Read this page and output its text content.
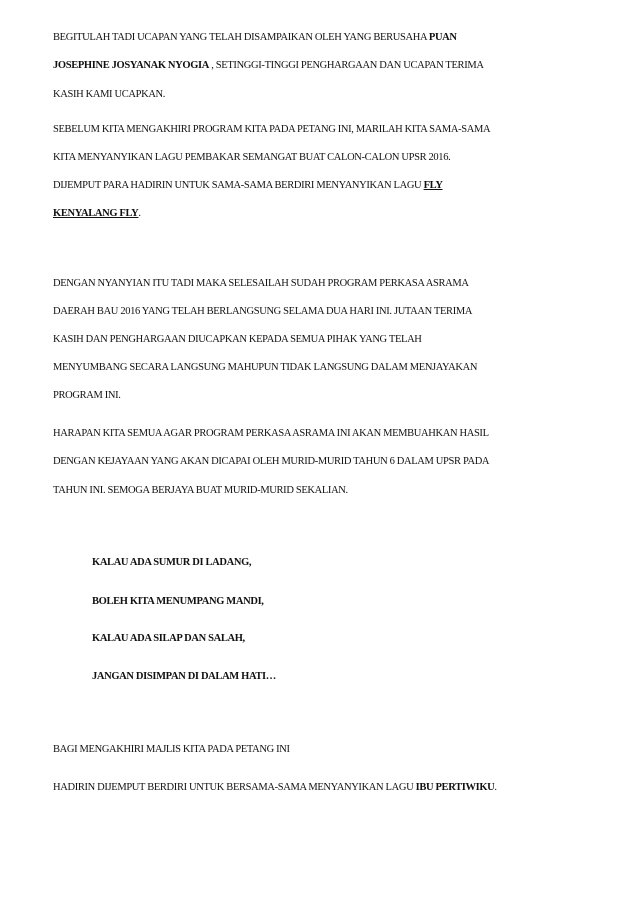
BEGITULAH TADI UCAPAN YANG TELAH DISAMPAIKAN OLEH YANG BERUSAHA PUAN
JOSEPHINE JOSYANAK NYOGIA , SETINGGI-TINGGI PENGHARGAAN DAN UCAPAN TERIMA
KASIH KAMI UCAPKAN.
SEBELUM KITA MENGAKHIRI PROGRAM KITA PADA PETANG INI, MARILAH KITA SAMA-SAMA
KITA MENYANYIKAN LAGU PEMBAKAR SEMANGAT BUAT CALON-CALON UPSR 2016.
DIJEMPUT PARA HADIRIN UNTUK SAMA-SAMA BERDIRI MENYANYIKAN LAGU FLY
KENYALANG FLY.
DENGAN NYANYIAN ITU TADI MAKA SELESAILAH SUDAH PROGRAM PERKASA ASRAMA
DAERAH BAU 2016 YANG TELAH BERLANGSUNG SELAMA DUA HARI INI. JUTAAN TERIMA
KASIH DAN PENGHARGAAN DIUCAPKAN KEPADA SEMUA PIHAK YANG TELAH
MENYUMBANG SECARA LANGSUNG MAHUPUN TIDAK LANGSUNG DALAM MENJAYAKAN
PROGRAM INI.
HARAPAN KITA SEMUA AGAR PROGRAM PERKASA ASRAMA INI AKAN MEMBUAHKAN HASIL
DENGAN KEJAYAAN YANG AKAN DICAPAI OLEH MURID-MURID TAHUN 6 DALAM UPSR PADA
TAHUN INI. SEMOGA BERJAYA BUAT MURID-MURID SEKALIAN.
KALAU ADA SUMUR DI LADANG,
BOLEH KITA MENUMPANG MANDI,
KALAU ADA SILAP DAN SALAH,
JANGAN DISIMPAN DI DALAM HATI…
BAGI MENGAKHIRI MAJLIS KITA PADA PETANG INI
HADIRIN DIJEMPUT BERDIRI UNTUK BERSAMA-SAMA MENYANYIKAN LAGU IBU PERTIWIKU.
